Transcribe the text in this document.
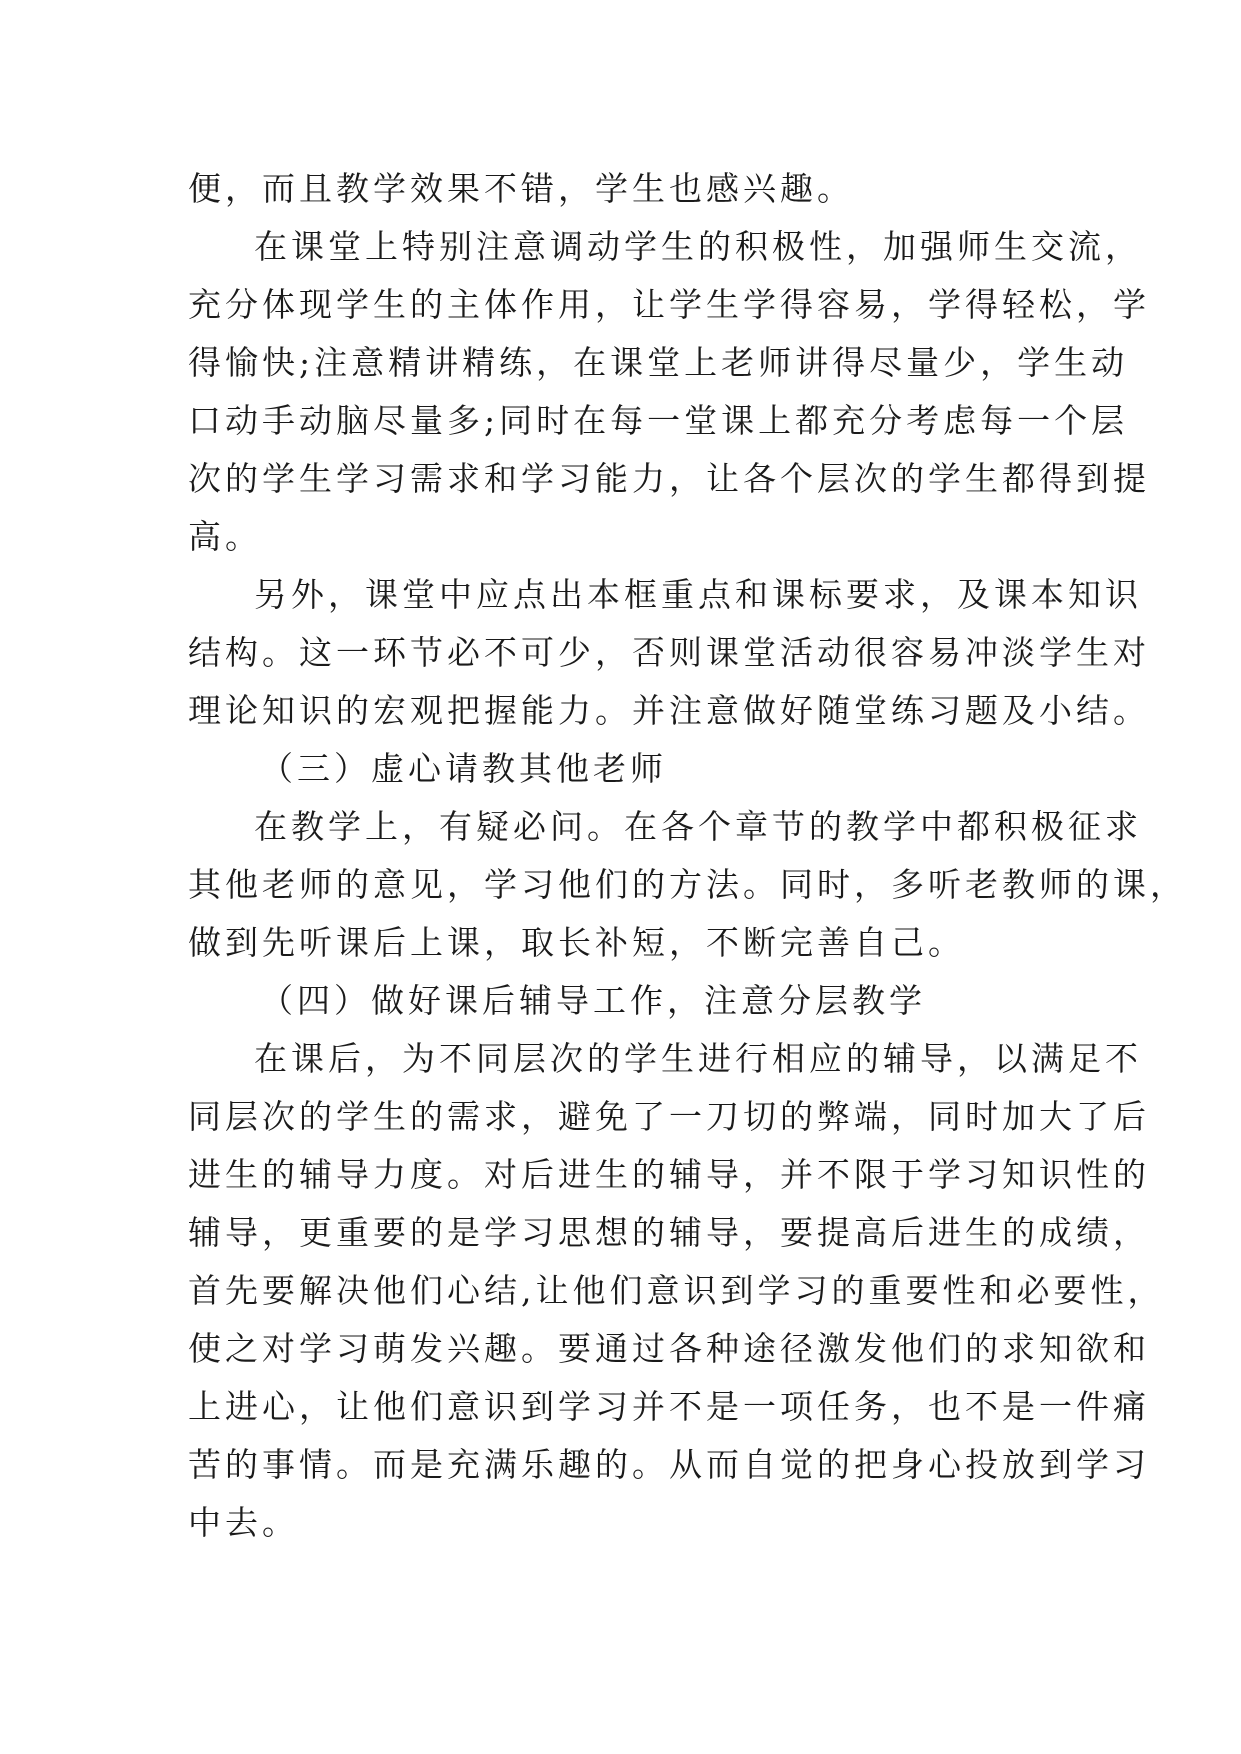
便，而且教学效果不错，学生也感兴趣。
在课堂上特别注意调动学生的积极性，加强师生交流，
充分体现学生的主体作用，让学生学得容易，学得轻松，学
得愉快;注意精讲精练，在课堂上老师讲得尽量少，学生动
口动手动脑尽量多;同时在每一堂课上都充分考虑每一个层
次的学生学习需求和学习能力，让各个层次的学生都得到提
高。
另外，课堂中应点出本框重点和课标要求，及课本知识
结构。这一环节必不可少，否则课堂活动很容易冲淡学生对
理论知识的宏观把握能力。并注意做好随堂练习题及小结。
（三）虚心请教其他老师
在教学上，有疑必问。在各个章节的教学中都积极征求
其他老师的意见，学习他们的方法。同时，多听老教师的课，
做到先听课后上课，取长补短，不断完善自己。
（四）做好课后辅导工作，注意分层教学
在课后，为不同层次的学生进行相应的辅导，以满足不
同层次的学生的需求，避免了一刀切的弊端，同时加大了后
进生的辅导力度。对后进生的辅导，并不限于学习知识性的
辅导，更重要的是学习思想的辅导，要提高后进生的成绩，
首先要解决他们心结,让他们意识到学习的重要性和必要性，
使之对学习萌发兴趣。要通过各种途径激发他们的求知欲和
上进心，让他们意识到学习并不是一项任务，也不是一件痛
苦的事情。而是充满乐趣的。从而自觉的把身心投放到学习
中去。
